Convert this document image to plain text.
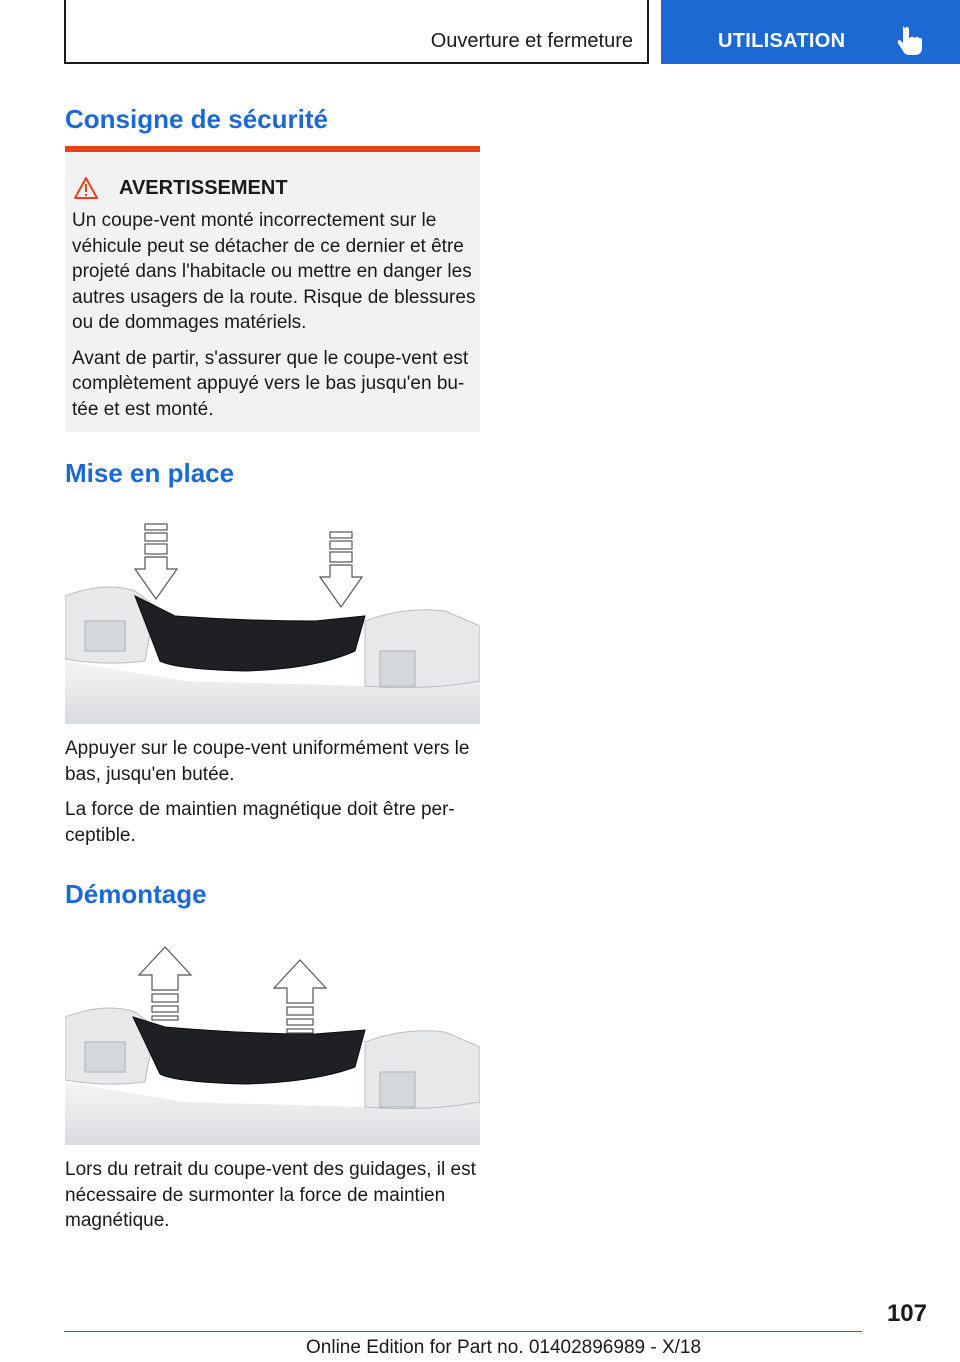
Ouverture et fermeture	UTILISATION
Consigne de sécurité
AVERTISSEMENT

Un coupe-vent monté incorrectement sur le véhicule peut se détacher de ce dernier et être projeté dans l'habitacle ou mettre en danger les autres usagers de la route. Risque de blessures ou de dommages matériels.

Avant de partir, s'assurer que le coupe-vent est complètement appuyé vers le bas jusqu'en bu-tée et est monté.

Mise en place

Appuyer sur le coupe-vent uniformément vers le bas, jusqu'en butée.

La force de maintien magnétique doit être per-ceptible.

Démontage

Lors du retrait du coupe-vent des guidages, il est nécessaire de surmonter la force de maintien magnétique.

107
Online Edition for Part no. 01402896989 - X/18
